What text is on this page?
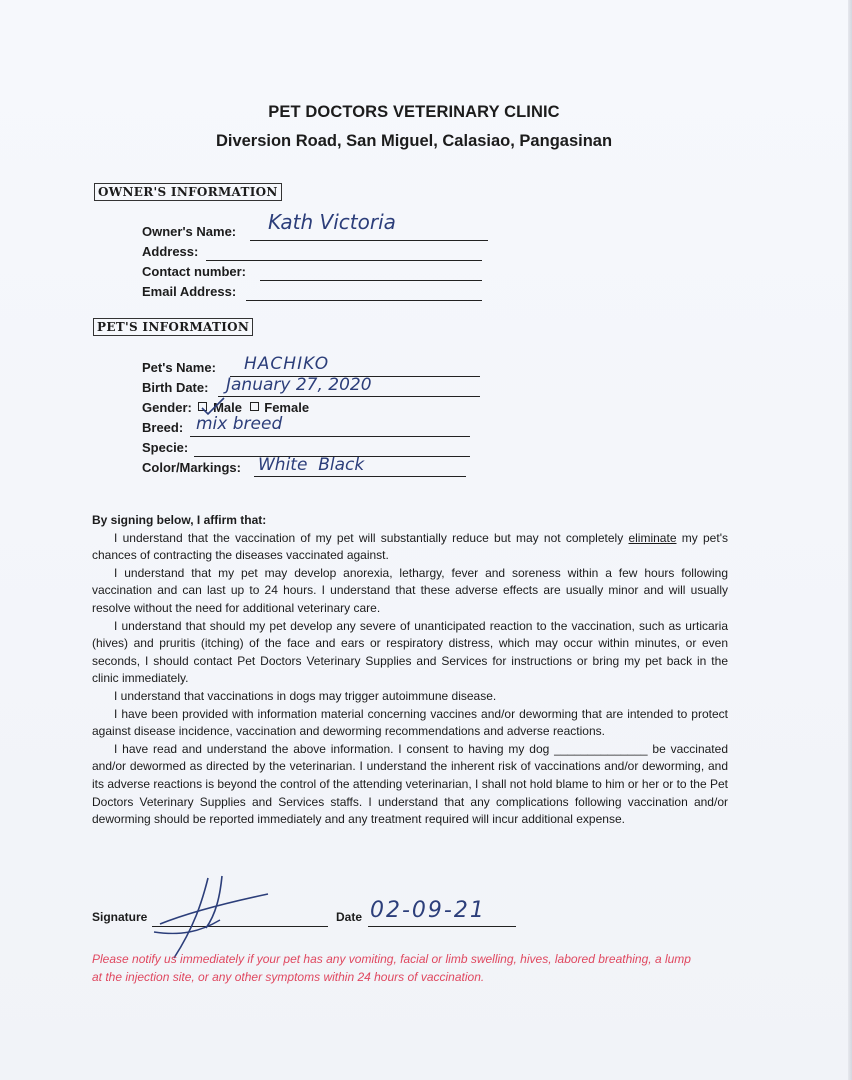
PET DOCTORS VETERINARY CLINIC
Diversion Road, San Miguel, Calasiao, Pangasinan
OWNER'S INFORMATION
Owner's Name: Kath Victoria
Address:
Contact number:
Email Address:
PET'S INFORMATION
Pet's Name: HACHIKO
Birth Date: January 27, 2020
Gender: Male Female
Breed: mix breed
Specie:
Color/Markings: White  Black

By signing below, I affirm that:

I understand that the vaccination of my pet will substantially reduce but may not completely eliminate my pet's chances of contracting the diseases vaccinated against.

I understand that my pet may develop anorexia, lethargy, fever and soreness within a few hours following vaccination and can last up to 24 hours. I understand that these adverse effects are usually minor and will usually resolve without the need for additional veterinary care.

I understand that should my pet develop any severe of unanticipated reaction to the vaccination, such as urticaria (hives) and pruritis (itching) of the face and ears or respiratory distress, which may occur within minutes, or even seconds, I should contact Pet Doctors Veterinary Supplies and Services for instructions or bring my pet back in the clinic immediately.

I understand that vaccinations in dogs may trigger autoimmune disease.

I have been provided with information material concerning vaccines and/or deworming that are intended to protect against disease incidence, vaccination and deworming recommendations and adverse reactions.

I have read and understand the above information. I consent to having my dog ______________ be vaccinated and/or dewormed as directed by the veterinarian. I understand the inherent risk of vaccinations and/or deworming, and its adverse reactions is beyond the control of the attending veterinarian, I shall not hold blame to him or her or to the Pet Doctors Veterinary Supplies and Services staffs. I understand that any complications following vaccination and/or deworming should be reported immediately and any treatment required will incur additional expense.

Signature	Date 02-09-21
Please notify us immediately if your pet has any vomiting, facial or limb swelling, hives, labored breathing, a lump at the injection site, or any other symptoms within 24 hours of vaccination.
